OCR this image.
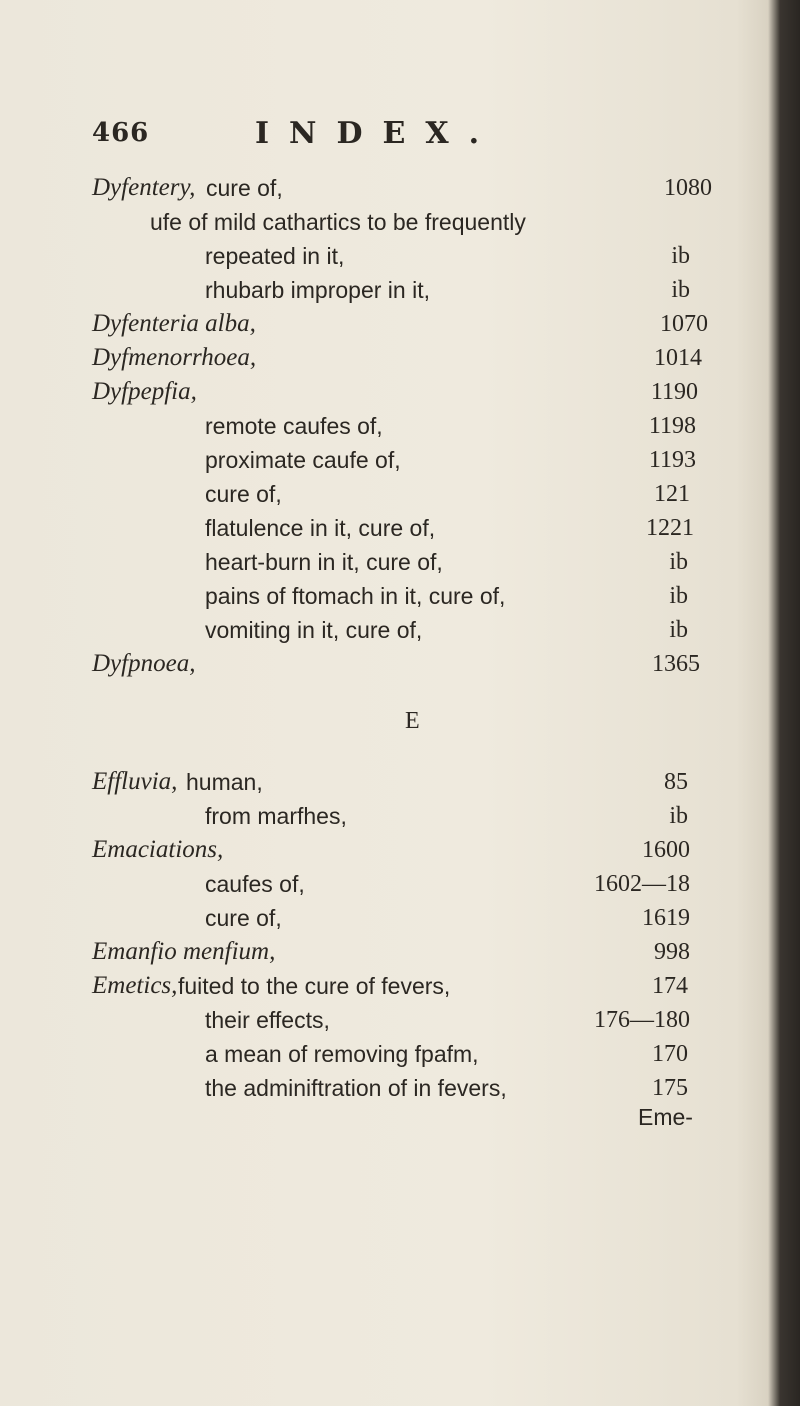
466	INDEX.
Dyfentery, cure of,	1080
ufe of mild cathartics to be frequently
repeated in it,	ib
rhubarb improper in it,	ib
Dyfenteria alba,	1070
Dyfmenorrhoea,	1014
Dyfpepfia,	1190
remote caufes of,	1198
proximate caufe of,	1193
cure of,	121
flatulence in it, cure of,	1221
heart-burn in it, cure of,	ib
pains of ftomach in it, cure of,	ib
vomiting in it, cure of,	ib
Dyfpnoea,	1365
E
Effluvia, human,	85
from marfhes,	ib
Emaciations,	1600
caufes of,	1602—18
cure of,	1619
Emanfio menfium,	998
Emetics, fuited to the cure of fevers,	174
their effects,	176—180
a mean of removing fpafm,	170
the adminiftration of in fevers,	175
Eme-
